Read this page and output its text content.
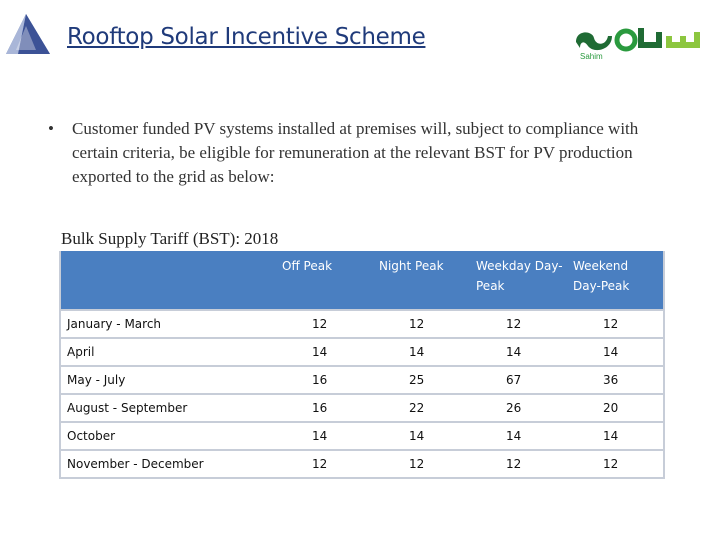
Rooftop Solar Incentive Scheme
Sahim
•	Customer funded PV systems installed at premises will, subject to compliance with certain criteria, be eligible for remuneration at the relevant BST for PV production exported to the grid as below:
Bulk Supply Tariff (BST): 2018
	Off Peak	Night Peak	Weekday Day-Peak	Weekend Day-Peak
January - March	12	12	12	12
April	14	14	14	14
May - July	16	25	67	36
August - September	16	22	26	20
October	14	14	14	14
November - December	12	12	12	12
